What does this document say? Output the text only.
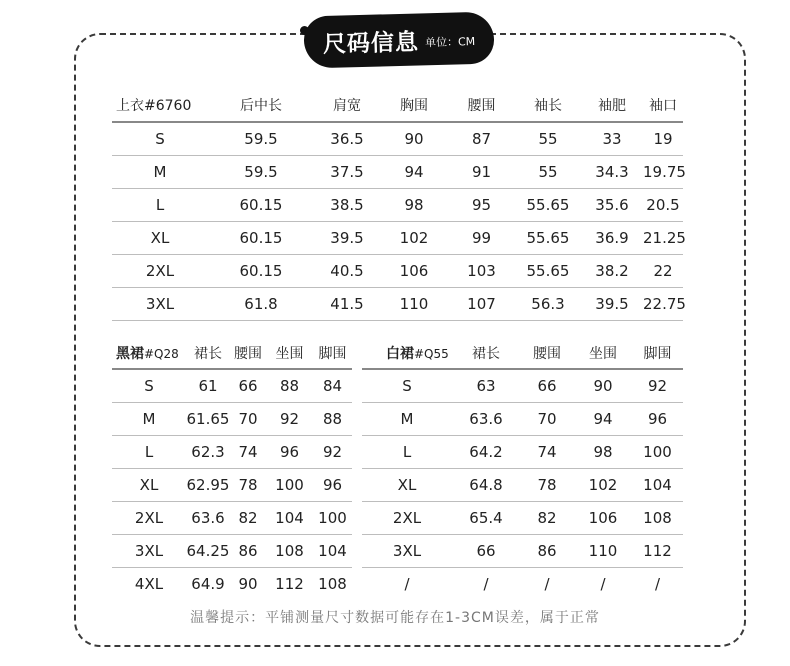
尺码信息 单位：CM
上衣#6760	后中长	肩宽	胸围	腰围	袖长	袖肥	袖口
S	59.5	36.5	90	87	55	33	19
M	59.5	37.5	94	91	55	34.3	19.75
L	60.15	38.5	98	95	55.65	35.6	20.5
XL	60.15	39.5	102	99	55.65	36.9	21.25
2XL	60.15	40.5	106	103	55.65	38.2	22
3XL	61.8	41.5	110	107	56.3	39.5	22.75
黑裙#Q28	裙长	腰围	坐围	脚围
S	61	66	88	84
M	61.65	70	92	88
L	62.3	74	96	92
XL	62.95	78	100	96
2XL	63.6	82	104	100
3XL	64.25	86	108	104
4XL	64.9	90	112	108
白裙#Q55	裙长	腰围	坐围	脚围
S	63	66	90	92
M	63.6	70	94	96
L	64.2	74	98	100
XL	64.8	78	102	104
2XL	65.4	82	106	108
3XL	66	86	110	112
/	/	/	/	/
温馨提示：平铺测量尺寸数据可能存在1-3CM误差，属于正常
